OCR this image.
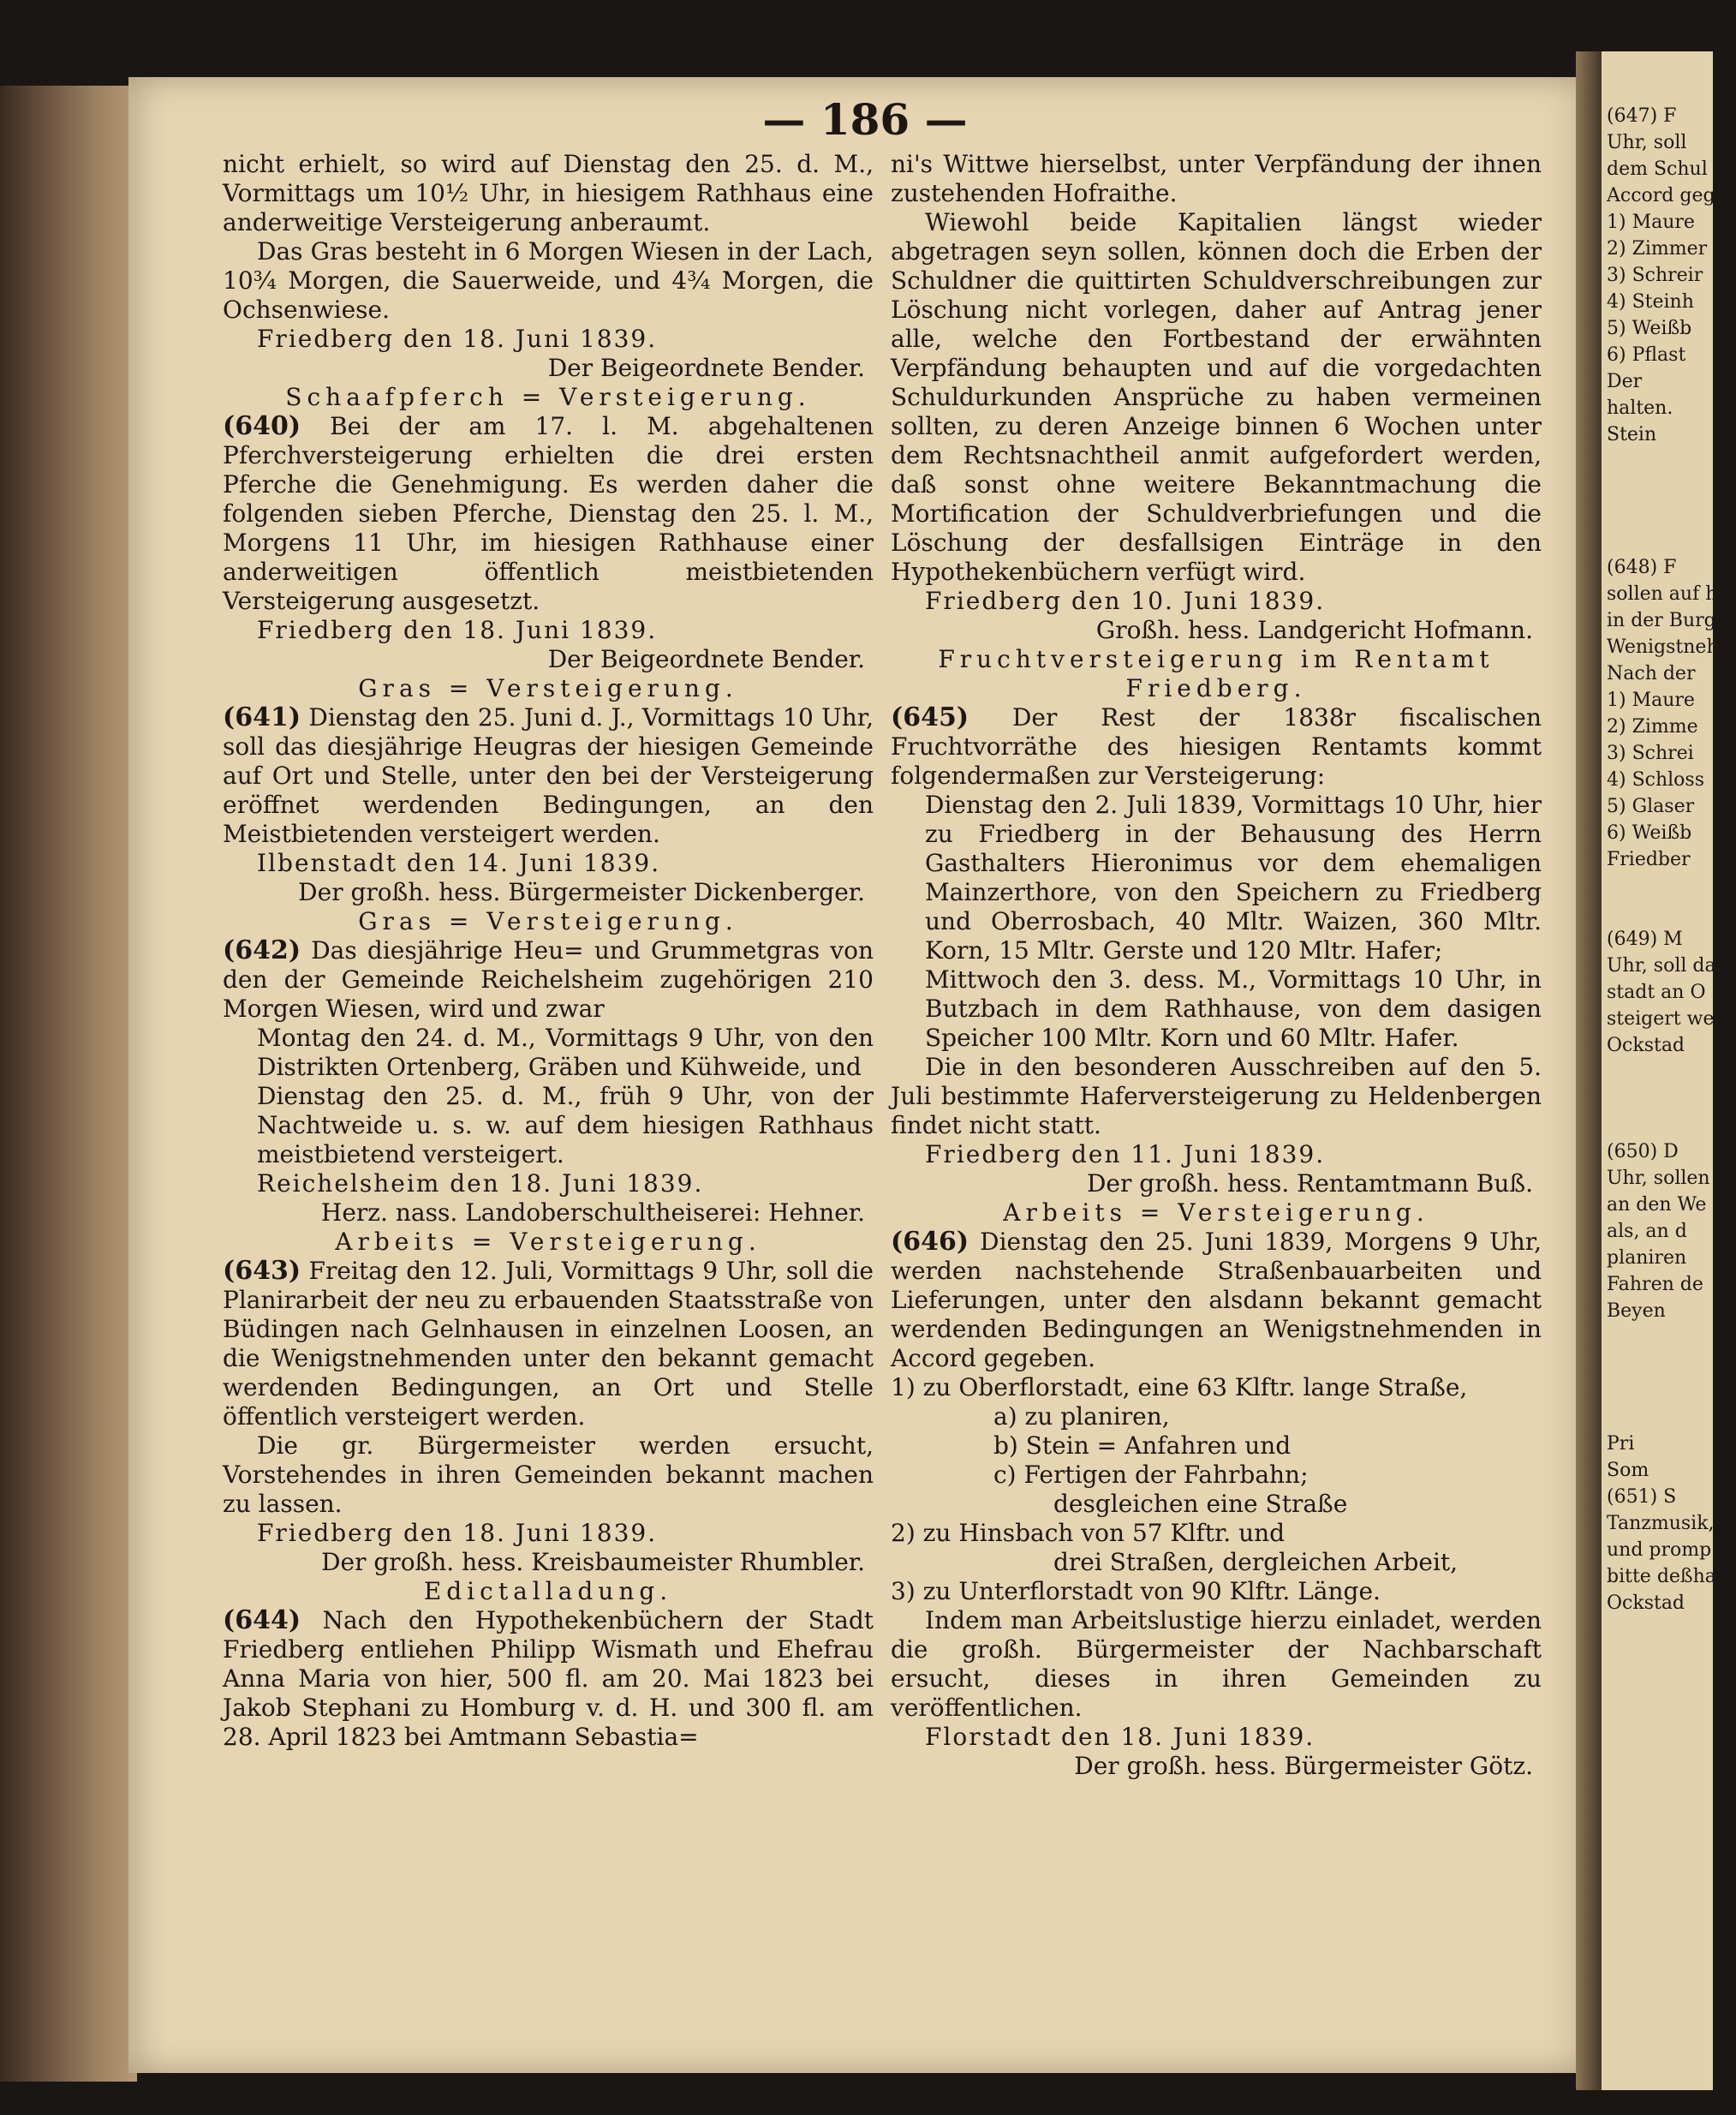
— 186 —

nicht erhielt, so wird auf Dienstag den 25. d. M., Vormittags um 10½ Uhr, in hiesigem Rathhaus eine anderweitige Versteigerung anberaumt.

Das Gras besteht in 6 Morgen Wiesen in der Lach, 10¾ Morgen, die Sauerweide, und 4¾ Morgen, die Ochsenwiese.

Friedberg den 18. Juni 1839.

Der Beigeordnete Bender.

Schaafpferch = Versteigerung.

(640) Bei der am 17. l. M. abgehaltenen Pferchversteigerung erhielten die drei ersten Pferche die Genehmigung. Es werden daher die folgenden sieben Pferche, Dienstag den 25. l. M., Morgens 11 Uhr, im hiesigen Rathhause einer anderweitigen öffentlich meistbietenden Versteigerung ausgesetzt.

Friedberg den 18. Juni 1839.

Der Beigeordnete Bender.

Gras = Versteigerung.

(641) Dienstag den 25. Juni d. J., Vormittags 10 Uhr, soll das diesjährige Heugras der hiesigen Gemeinde auf Ort und Stelle, unter den bei der Versteigerung eröffnet werdenden Bedingungen, an den Meistbietenden versteigert werden.

Ilbenstadt den 14. Juni 1839.

Der großh. hess. Bürgermeister Dickenberger.

Gras = Versteigerung.

(642) Das diesjährige Heu= und Grummetgras von den der Gemeinde Reichelsheim zugehörigen 210 Morgen Wiesen, wird und zwar

Montag den 24. d. M., Vormittags 9 Uhr, von den Distrikten Ortenberg, Gräben und Kühweide, und

Dienstag den 25. d. M., früh 9 Uhr, von der Nachtweide u. s. w. auf dem hiesigen Rathhaus meistbietend versteigert.

Reichelsheim den 18. Juni 1839.

Herz. nass. Landoberschultheiserei: Hehner.

Arbeits = Versteigerung.

(643) Freitag den 12. Juli, Vormittags 9 Uhr, soll die Planirarbeit der neu zu erbauenden Staatsstraße von Büdingen nach Gelnhausen in einzelnen Loosen, an die Wenigstnehmenden unter den bekannt gemacht werdenden Bedingungen, an Ort und Stelle öffentlich versteigert werden.

Die gr. Bürgermeister werden ersucht, Vorstehendes in ihren Gemeinden bekannt machen zu lassen.

Friedberg den 18. Juni 1839.

Der großh. hess. Kreisbaumeister Rhumbler.

Edictalladung.

(644) Nach den Hypothekenbüchern der Stadt Friedberg entliehen Philipp Wismath und Ehefrau Anna Maria von hier, 500 fl. am 20. Mai 1823 bei Jakob Stephani zu Homburg v. d. H. und 300 fl. am 28. April 1823 bei Amtmann Sebastia=

ni's Wittwe hierselbst, unter Verpfändung der ihnen zustehenden Hofraithe.

Wiewohl beide Kapitalien längst wieder abgetragen seyn sollen, können doch die Erben der Schuldner die quittirten Schuldverschreibungen zur Löschung nicht vorlegen, daher auf Antrag jener alle, welche den Fortbestand der erwähnten Verpfändung behaupten und auf die vorgedachten Schuldurkunden Ansprüche zu haben vermeinen sollten, zu deren Anzeige binnen 6 Wochen unter dem Rechtsnachtheil anmit aufgefordert werden, daß sonst ohne weitere Bekanntmachung die Mortification der Schuldverbriefungen und die Löschung der desfallsigen Einträge in den Hypothekenbüchern verfügt wird.

Friedberg den 10. Juni 1839.

Großh. hess. Landgericht Hofmann.

Fruchtversteigerung im Rentamt Friedberg.

(645) Der Rest der 1838r fiscalischen Fruchtvorräthe des hiesigen Rentamts kommt folgendermaßen zur Versteigerung:

Dienstag den 2. Juli 1839, Vormittags 10 Uhr, hier zu Friedberg in der Behausung des Herrn Gasthalters Hieronimus vor dem ehemaligen Mainzerthore, von den Speichern zu Friedberg und Oberrosbach, 40 Mltr. Waizen, 360 Mltr. Korn, 15 Mltr. Gerste und 120 Mltr. Hafer;

Mittwoch den 3. dess. M., Vormittags 10 Uhr, in Butzbach in dem Rathhause, von dem dasigen Speicher 100 Mltr. Korn und 60 Mltr. Hafer.

Die in den besonderen Ausschreiben auf den 5. Juli bestimmte Haferversteigerung zu Heldenbergen findet nicht statt.

Friedberg den 11. Juni 1839.

Der großh. hess. Rentamtmann Buß.

Arbeits = Versteigerung.

(646) Dienstag den 25. Juni 1839, Morgens 9 Uhr, werden nachstehende Straßenbauarbeiten und Lieferungen, unter den alsdann bekannt gemacht werdenden Bedingungen an Wenigstnehmenden in Accord gegeben.

1) zu Oberflorstadt, eine 63 Klftr. lange Straße,

a) zu planiren,

b) Stein = Anfahren und

c) Fertigen der Fahrbahn;

desgleichen eine Straße

2) zu Hinsbach von 57 Klftr. und

drei Straßen, dergleichen Arbeit,

3) zu Unterflorstadt von 90 Klftr. Länge.

Indem man Arbeitslustige hierzu einladet, werden die großh. Bürgermeister der Nachbarschaft ersucht, dieses in ihren Gemeinden zu veröffentlichen.

Florstadt den 18. Juni 1839.

Der großh. hess. Bürgermeister Götz.

(647) F
Uhr, soll
dem Schul
Accord geg
1) Maure
2) Zimmer
3) Schreir
4) Steinh
5) Weißb
6) Pflast
Der
halten.
Stein
(648) F
sollen auf h
in der Burg
Wenigstnehm
Nach der
1) Maure
2) Zimme
3) Schrei
4) Schloss
5) Glaser
6) Weißb
Friedber
(649) M
Uhr, soll da
stadt an O
steigert wer
Ockstad
(650) D
Uhr, sollen
an den We
als, an d
planiren
Fahren de
Beyen
Pri
Som
(651) S
Tanzmusik,
und promp
bitte deßha
Ockstad
